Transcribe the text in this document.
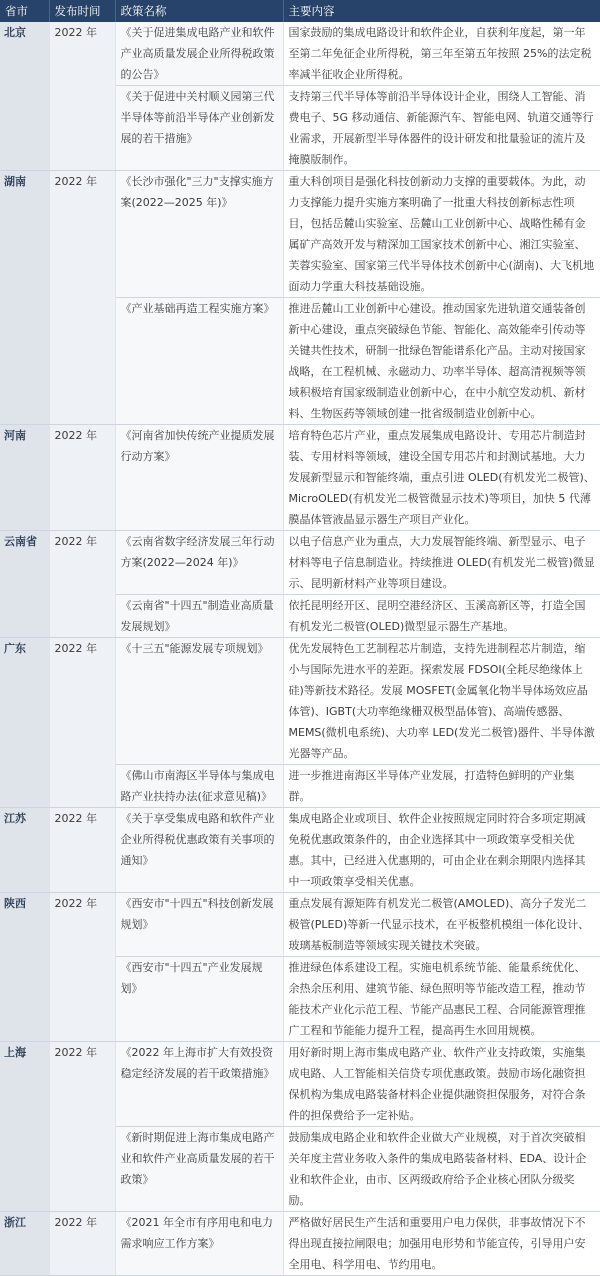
省市	发布时间	政策名称	主要内容

北京	2022 年	《关于促进集成电路产业和软件产业高质量发展企业所得税政策的公告》	国家鼓励的集成电路设计和软件企业，自获利年度起，第一年至第二年免征企业所得税，第三年至第五年按照 25%的法定税率减半征收企业所得税。
		《关于促进中关村顺义园第三代半导体等前沿半导体产业创新发展的若干措施》	支持第三代半导体等前沿半导体设计企业，围绕人工智能、消费电子、5G 移动通信、新能源汽车、智能电网、轨道交通等行业需求，开展新型半导体器件的设计研发和批量验证的流片及掩膜版制作。

湖南	2022 年	《长沙市强化"三力"支撑实施方案(2022—2025 年)》	重大科创项目是强化科技创新动力支撑的重要载体。为此，动力支撑能力提升实施方案明确了一批重大科技创新标志性项目，包括岳麓山实验室、岳麓山工业创新中心、战略性稀有金属矿产高效开发与精深加工国家技术创新中心、湘江实验室、芙蓉实验室、国家第三代半导体技术创新中心(湖南)、大飞机地面动力学重大科技基础设施。
		《产业基础再造工程实施方案》	推进岳麓山工业创新中心建设。推动国家先进轨道交通装备创新中心建设，重点突破绿色节能、智能化、高效能牵引传动等关键共性技术，研制一批绿色智能谱系化产品。主动对接国家战略，在工程机械、永磁动力、功率半导体、超高清视频等领域积极培育国家级制造业创新中心，在中小航空发动机、新材料、生物医药等领域创建一批省级制造业创新中心。

河南	2022 年	《河南省加快传统产业提质发展行动方案》	培育特色芯片产业，重点发展集成电路设计、专用芯片制造封装、专用材料等领域，建设全国专用芯片和封测试基地。大力发展新型显示和智能终端，重点引进 OLED(有机发光二极管)、MicroOLED(有机发光二极管微显示技术)等项目，加快 5 代薄膜晶体管液晶显示器生产项目产业化。

云南省	2022 年	《云南省数字经济发展三年行动方案(2022—2024 年)》	以电子信息产业为重点，大力发展智能终端、新型显示、电子材料等电子信息制造业。持续推进 OLED(有机发光二极管)微显示、昆明新材料产业等项目建设。
		《云南省"十四五"制造业高质量发展规划》	依托昆明经开区、昆明空港经济区、玉溪高新区等，打造全国有机发光二极管(OLED)微型显示器生产基地。

广东	2022 年	《十三五"能源发展专项规划》	优先发展特色工艺制程芯片制造，支持先进制程芯片制造，缩小与国际先进水平的差距。探索发展 FDSOI(全耗尽绝缘体上硅)等新技术路径。发展 MOSFET(金属氧化物半导体场效应晶体管)、IGBT(大功率绝缘栅双极型晶体管)、高端传感器、MEMS(微机电系统)、大功率 LED(发光二极管)器件、半导体激光器等产品。
		《佛山市南海区半导体与集成电路产业扶持办法(征求意见稿)》	进一步推进南海区半导体产业发展，打造特色鲜明的产业集群。

江苏	2022 年	《关于享受集成电路和软件产业企业所得税优惠政策有关事项的通知》	集成电路企业或项目、软件企业按照规定同时符合多项定期减免税优惠政策条件的，由企业选择其中一项政策享受相关优惠。其中，已经进入优惠期的，可由企业在剩余期限内选择其中一项政策享受相关优惠。

陕西	2022 年	《西安市"十四五"科技创新发展规划》	重点发展有源矩阵有机发光二极管(AMOLED)、高分子发光二极管(PLED)等新一代显示技术，在平板整机模组一体化设计、玻璃基板制造等领域实现关键技术突破。
		《西安市"十四五"产业发展规划》	推进绿色体系建设工程。实施电机系统节能、能量系统优化、余热余压利用、建筑节能、绿色照明等节能改造工程，推动节能技术产业化示范工程、节能产品惠民工程、合同能源管理推广工程和节能能力提升工程，提高再生水回用规模。

上海	2022 年	《2022 年上海市扩大有效投资稳定经济发展的若干政策措施》	用好新时期上海市集成电路产业、软件产业支持政策，实施集成电路、人工智能相关信贷专项优惠政策。鼓励市场化融资担保机构为集成电路装备材料企业提供融资担保服务，对符合条件的担保费给予一定补贴。
		《新时期促进上海市集成电路产业和软件产业高质量发展的若干政策》	鼓励集成电路企业和软件企业做大产业规模，对于首次突破相关年度主营业务收入条件的集成电路装备材料、EDA、设计企业和软件企业，由市、区两级政府给予企业核心团队分级奖励。

浙江	2022 年	《2021 年全市有序用电和电力需求响应工作方案》	严格做好居民生产生活和重要用户电力保供，非事故情况下不得出现直接拉闸限电；加强用电形势和节能宣传，引导用户安全用电、科学用电、节约用电。
